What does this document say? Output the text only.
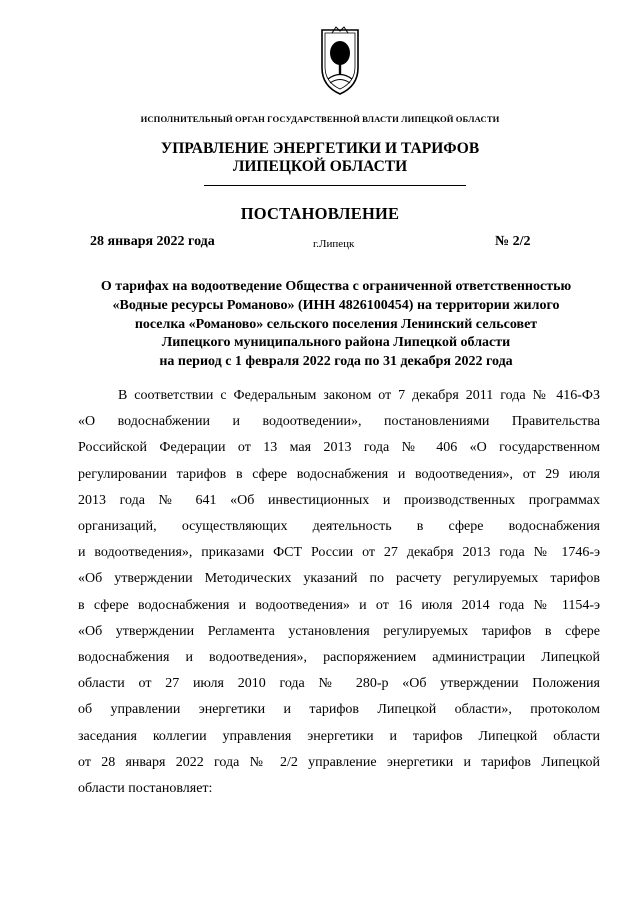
ИСПОЛНИТЕЛЬНЫЙ ОРГАН ГОСУДАРСТВЕННОЙ ВЛАСТИ ЛИПЕЦКОЙ ОБЛАСТИ
УПРАВЛЕНИЕ ЭНЕРГЕТИКИ И ТАРИФОВ
ЛИПЕЦКОЙ ОБЛАСТИ
ПОСТАНОВЛЕНИЕ
28 января 2022 года	г.Липецк	№ 2/2
О тарифах на водоотведение Общества с ограниченной ответственностью
«Водные ресурсы Романово» (ИНН 4826100454) на территории жилого
поселка «Романово» сельского поселения Ленинский сельсовет
Липецкого муниципального района Липецкой области
на период с 1 февраля 2022 года по 31 декабря 2022 года
В соответствии с Федеральным законом от 7 декабря 2011 года № 416-ФЗ
«О водоснабжении и водоотведении», постановлениями Правительства
Российской Федерации от 13 мая 2013 года № 406 «О государственном
регулировании тарифов в сфере водоснабжения и водоотведения», от 29 июля
2013 года № 641 «Об инвестиционных и производственных программах
организаций, осуществляющих деятельность в сфере водоснабжения
и водоотведения», приказами ФСТ России от 27 декабря 2013 года № 1746-э
«Об утверждении Методических указаний по расчету регулируемых тарифов
в сфере водоснабжения и водоотведения» и от 16 июля 2014 года № 1154-э
«Об утверждении Регламента установления регулируемых тарифов в сфере
водоснабжения и водоотведения», распоряжением администрации Липецкой
области от 27 июля 2010 года № 280-р «Об утверждении Положения
об управлении энергетики и тарифов Липецкой области», протоколом
заседания коллегии управления энергетики и тарифов Липецкой области
от 28 января 2022 года № 2/2 управление энергетики и тарифов Липецкой
области постановляет:
